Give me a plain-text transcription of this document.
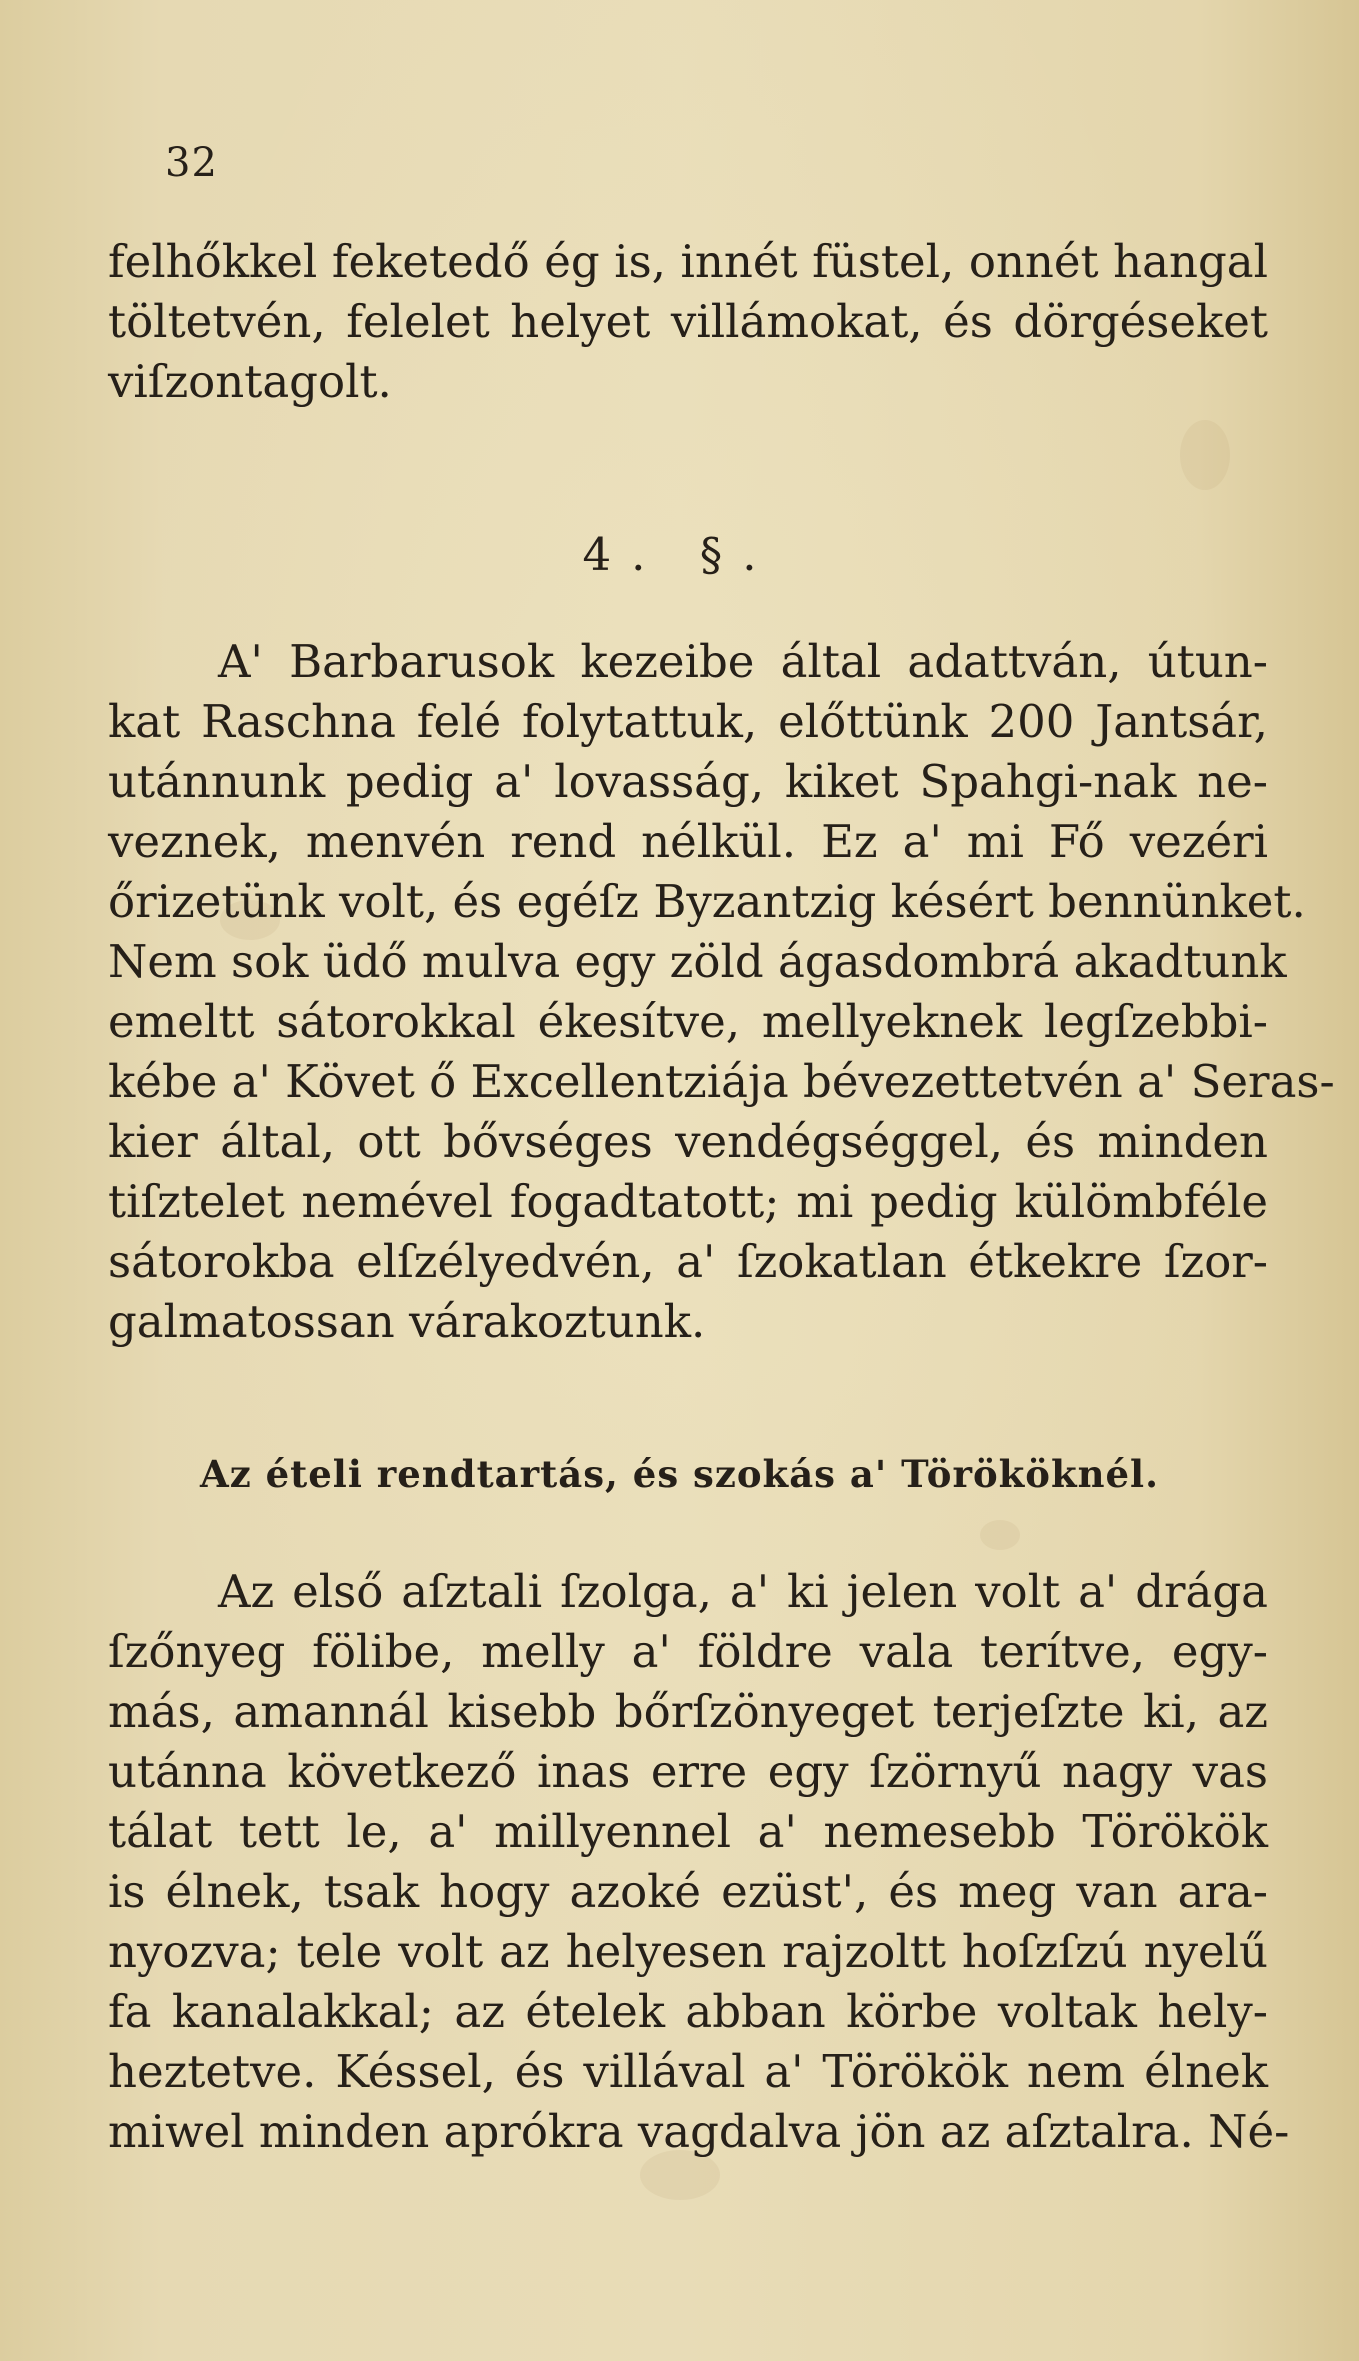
32
felhőkkel feketedő ég is, innét füstel, onnét hangal
töltetvén, felelet helyet villámokat, és dörgéseket
viſzontagolt.
4. §.
A' Barbarusok kezeibe által adattván, útun-
kat Raschna felé folytattuk, előttünk 200 Jantsár,
utánnunk pedig a' lovasság, kiket Spahgi-nak ne-
veznek, menvén rend nélkül. Ez a' mi Fő vezéri
őrizetünk volt, és egéſz Byzantzig késért bennünket.
Nem sok üdő mulva egy zöld ágasdombrá akadtunk
emeltt sátorokkal ékesítve, mellyeknek legſzebbi-
kébe a' Követ ő Excellentziája bévezettetvén a' Seras-
kier által, ott bővséges vendégséggel, és minden
tiſztelet nemével fogadtatott; mi pedig külömbféle
sátorokba elſzélyedvén, a' ſzokatlan étkekre ſzor-
galmatossan várakoztunk.
Az ételi rendtartás, és szokás a' Törököknél.
Az első aſztali ſzolga, a' ki jelen volt a' drága
ſzőnyeg fölibe, melly a' földre vala terítve, egy-
más, amannál kisebb bőrſzönyeget terjeſzte ki, az
utánna következő inas erre egy ſzörnyű nagy vas
tálat tett le, a' millyennel a' nemesebb Törökök
is élnek, tsak hogy azoké ezüst', és meg van ara-
nyozva; tele volt az helyesen rajzoltt hoſzſzú nyelű
fa kanalakkal; az ételek abban körbe voltak hely-
heztetve. Késsel, és villával a' Törökök nem élnek
miwel minden aprókra vagdalva jön az aſztalra. Né-
